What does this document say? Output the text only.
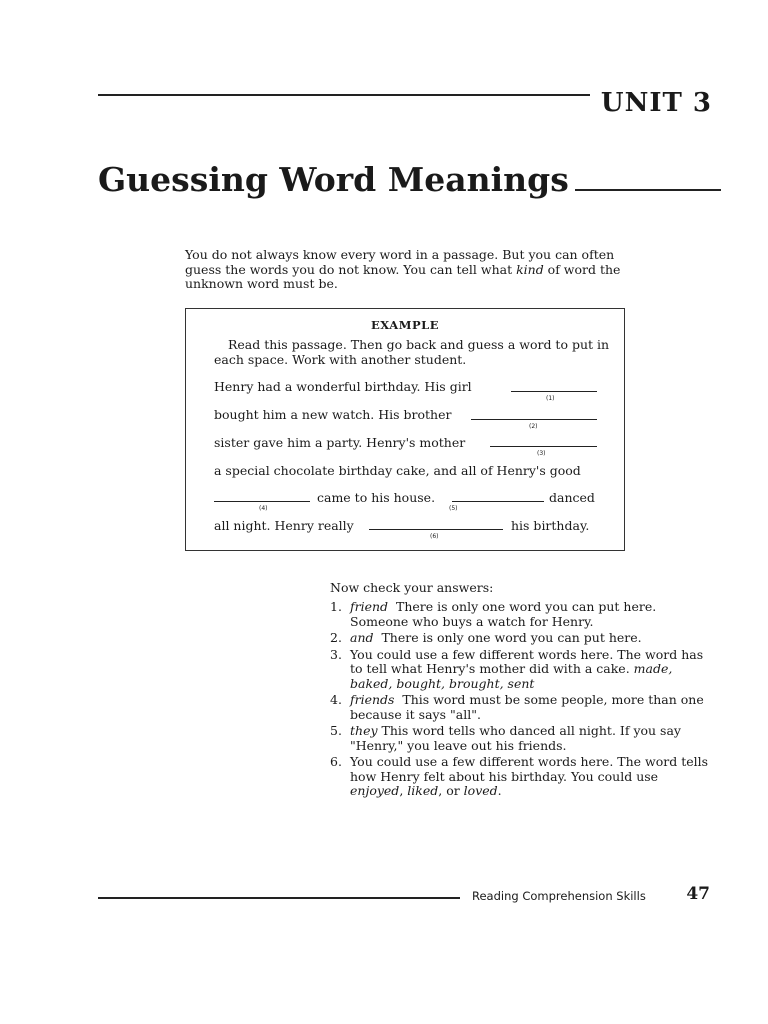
UNIT 3
Guessing Word Meanings

You do not always know every word in a passage. But you can often guess the words you do not know. You can tell what kind of word the unknown word must be.

EXAMPLE
Read this passage. Then go back and guess a word to put in each space. Work with another student.
Henry had a wonderful birthday. His girl
(1)
bought him a new watch. His brother
(2)
sister gave him a party. Henry's mother
(3)
a special chocolate birthday cake, and all of Henry's good
(4)
came to his house.
(5)
danced
all night. Henry really
(6)
his birthday.
Now check your answers:
1. friend There is only one word you can put here. Someone who buys a watch for Henry.
2. and There is only one word you can put here.
3. You could use a few different words here. The word has to tell what Henry's mother did with a cake. made, baked, bought, brought, sent
4. friends This word must be some people, more than one because it says "all".
5. they This word tells who danced all night. If you say "Henry," you leave out his friends.
6. You could use a few different words here. The word tells how Henry felt about his birthday. You could use enjoyed, liked, or loved.
Reading Comprehension Skills 47
